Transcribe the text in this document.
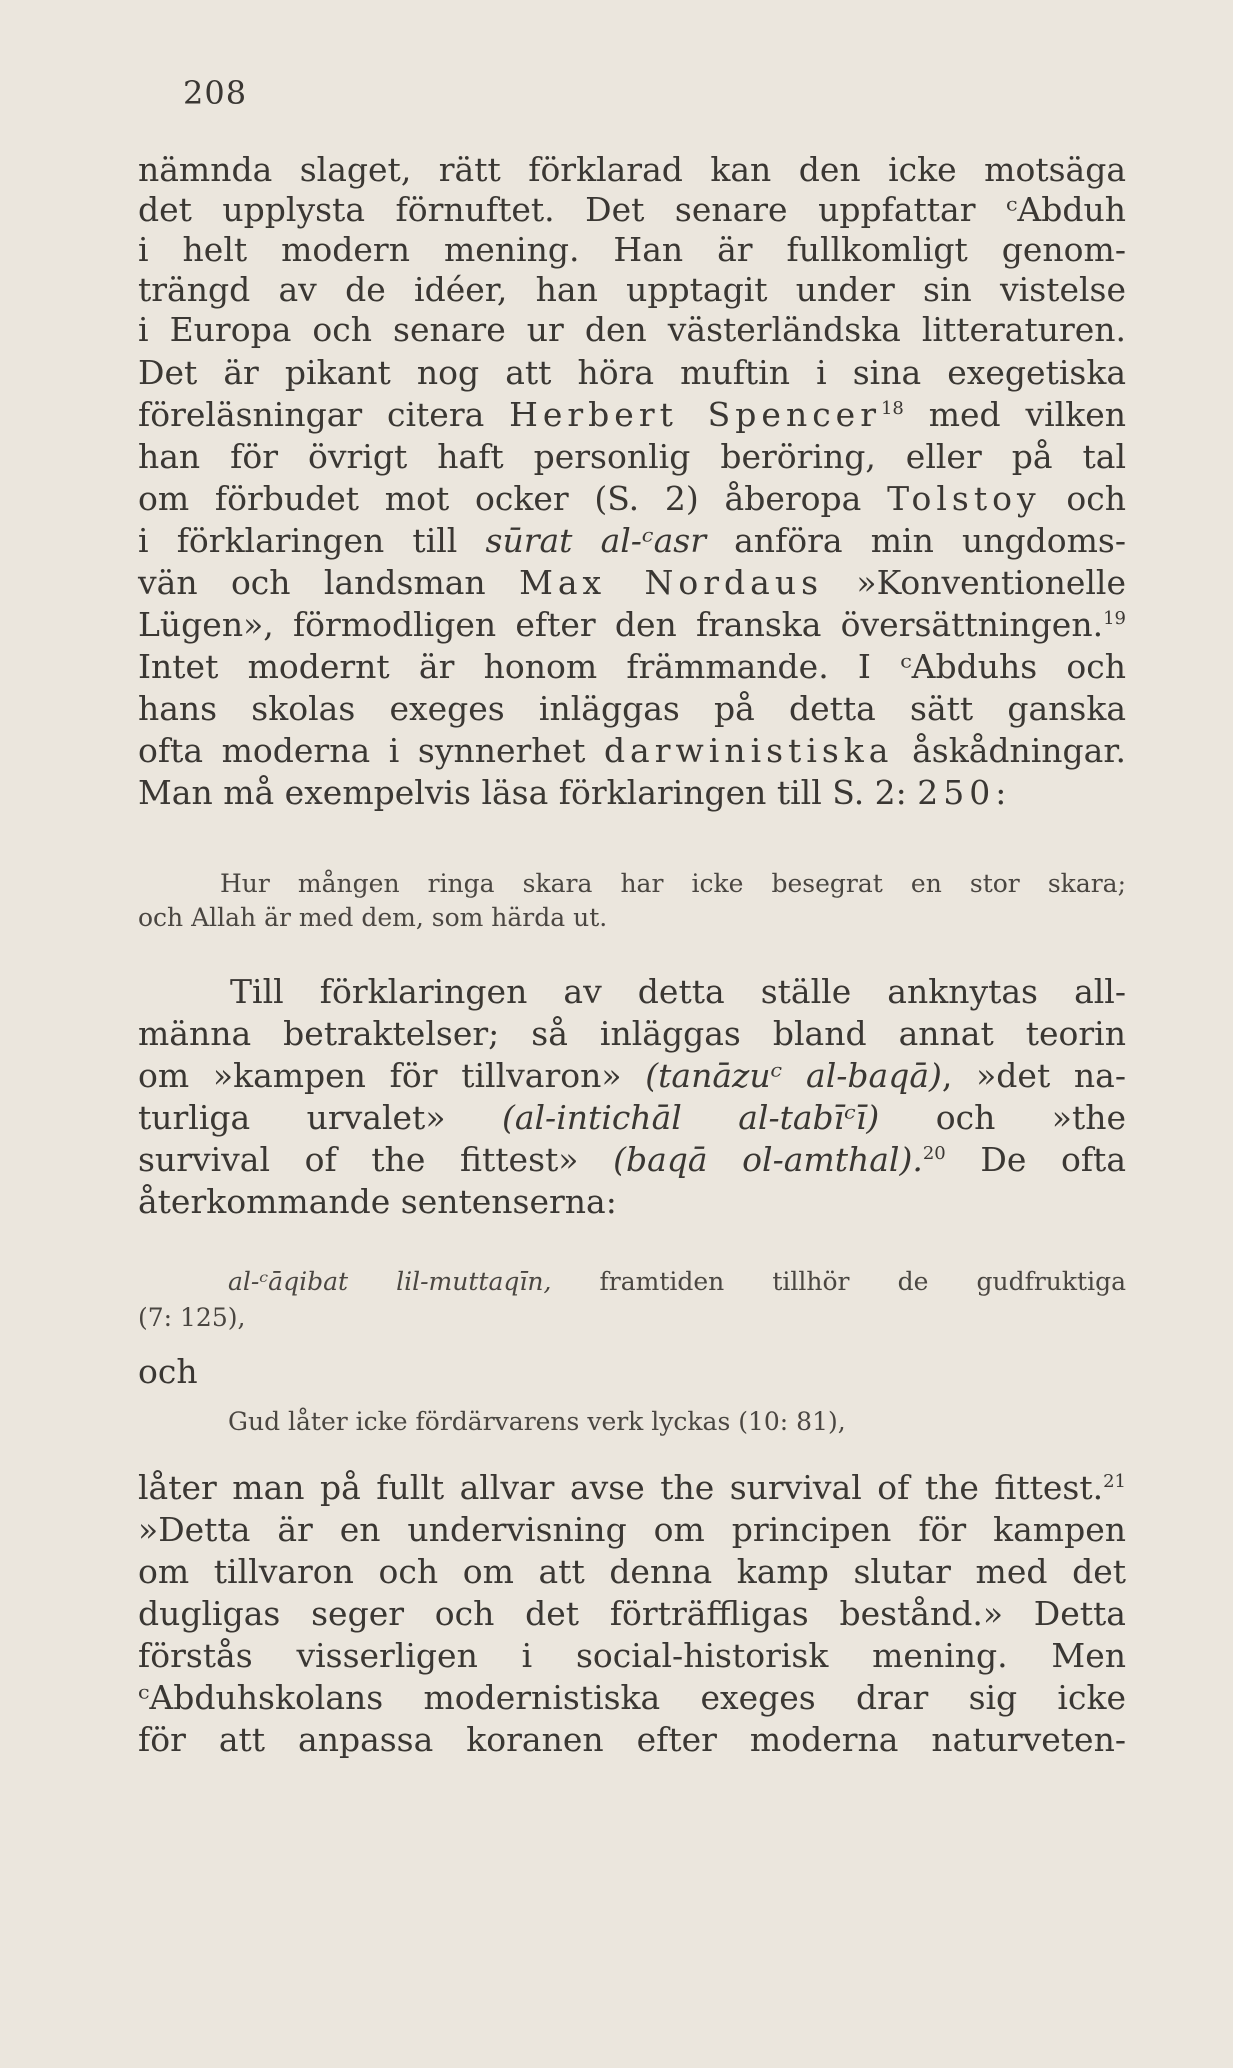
208
nämnda slaget, rätt förklarad kan den icke motsäga
det upplysta förnuftet. Det senare uppfattar ᶜAbduh
i helt modern mening. Han är fullkomligt genom-
trängd av de idéer, han upptagit under sin vistelse
i Europa och senare ur den västerländska litteraturen.
Det är pikant nog att höra muftin i sina exegetiska
föreläsningar citera Herbert Spencer$^{18}$ med vilken
han för övrigt haft personlig beröring, eller på tal
om förbudet mot ocker (S. 2) åberopa Tolstoy och
i förklaringen till sūrat al-ᶜasr anföra min ungdoms-
vän och landsman Max Nordaus »Konventionelle
Lügen», förmodligen efter den franska översättningen.$^{19}$
Intet modernt är honom främmande. I ᶜAbduhs och
hans skolas exeges inläggas på detta sätt ganska
ofta moderna i synnerhet darwinistiska åskådningar.
Man må exempelvis läsa förklaringen till S. 2: 250:
Hur mången ringa skara har icke besegrat en stor skara;
och Allah är med dem, som härda ut.
Till förklaringen av detta ställe anknytas all-
männa betraktelser; så inläggas bland annat teorin
om »kampen för tillvaron» (tanāzuᶜ al-baqā), »det na-
turliga urvalet» (al-intichāl al-tabīᶜī) och »the
survival of the fittest» (baqā ol-amthal).$^{20}$ De ofta
återkommande sentenserna:
al-ᶜāqibat lil-muttaqīn, framtiden tillhör de gudfruktiga
(7: 125),
och
Gud låter icke fördärvarens verk lyckas (10: 81),
låter man på fullt allvar avse the survival of the fittest.$^{21}$
»Detta är en undervisning om principen för kampen
om tillvaron och om att denna kamp slutar med det
dugligas seger och det förträffligas bestånd.» Detta
förstås visserligen i social-historisk mening. Men
ᶜAbduhskolans modernistiska exeges drar sig icke
för att anpassa koranen efter moderna naturveten-
